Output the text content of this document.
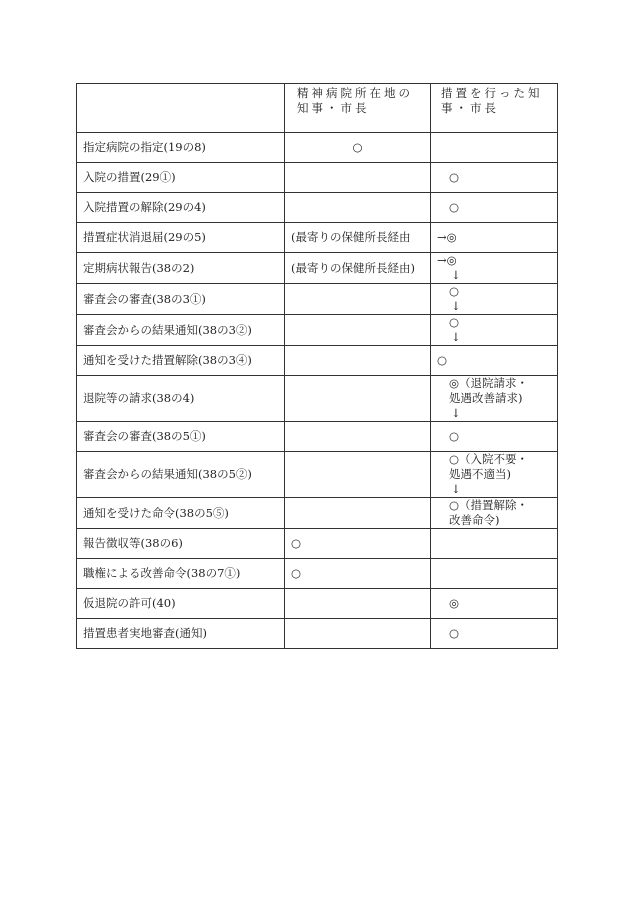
	精神病院所在地の知事・市長	措置を行った知事・市長
指定病院の指定(19の8)	○	
入院の措置(29①)		○
入院措置の解除(29の4)		○
措置症状消退届(29の5)	(最寄りの保健所長経由	→◎
定期病状報告(38の2)	(最寄りの保健所長経由)	→◎
↓

審査会の審査(38の3①)		○
↓

審査会からの結果通知(38の3②)		○
↓

通知を受けた措置解除(38の3④)		○
退院等の請求(38の4)		◎（退院請求・
処遇改善請求)
↓

審査会の審査(38の5①)		○
審査会からの結果通知(38の5②)		○（入院不要・
処遇不適当)
↓

通知を受けた命令(38の5⑤)		○（措置解除・
改善命令)

報告徴収等(38の6)	○	
職権による改善命令(38の7①)	○	
仮退院の許可(40)		◎
措置患者実地審査(通知)		○
